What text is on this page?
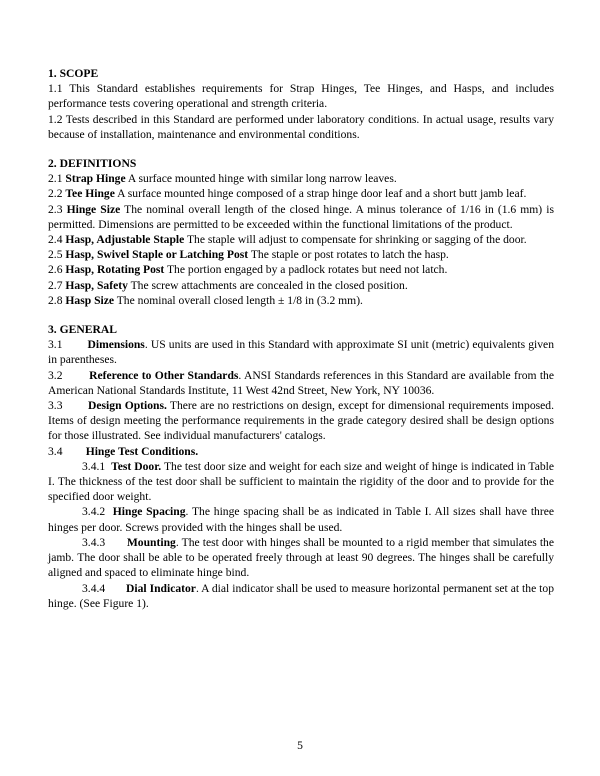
1. SCOPE

1.1 This Standard establishes requirements for Strap Hinges, Tee Hinges, and Hasps, and includes performance tests covering operational and strength criteria.

1.2 Tests described in this Standard are performed under laboratory conditions. In actual usage, results vary because of installation, maintenance and environmental conditions.

2. DEFINITIONS

2.1 Strap Hinge A surface mounted hinge with similar long narrow leaves.

2.2 Tee Hinge A surface mounted hinge composed of a strap hinge door leaf and a short butt jamb leaf.

2.3 Hinge Size The nominal overall length of the closed hinge. A minus tolerance of 1/16 in (1.6 mm) is permitted. Dimensions are permitted to be exceeded within the functional limitations of the product.

2.4 Hasp, Adjustable Staple The staple will adjust to compensate for shrinking or sagging of the door.

2.5 Hasp, Swivel Staple or Latching Post The staple or post rotates to latch the hasp.

2.6 Hasp, Rotating Post The portion engaged by a padlock rotates but need not latch.

2.7 Hasp, Safety The screw attachments are concealed in the closed position.

2.8 Hasp Size The nominal overall closed length ± 1/8 in (3.2 mm).

3. GENERAL

3.1        Dimensions. US units are used in this Standard with approximate SI unit (metric) equivalents given in parentheses.

3.2        Reference to Other Standards. ANSI Standards references in this Standard are available from the American National Standards Institute, 11 West 42nd Street, New York, NY 10036.

3.3        Design Options. There are no restrictions on design, except for dimensional requirements imposed. Items of design meeting the performance requirements in the grade category desired shall be design options for those illustrated. See individual manufacturers' catalogs.

3.4        Hinge Test Conditions.

3.4.1  Test Door. The test door size and weight for each size and weight of hinge is indicated in Table I. The thickness of the test door shall be sufficient to maintain the rigidity of the door and to provide for the specified door weight.

3.4.2  Hinge Spacing. The hinge spacing shall be as indicated in Table I. All sizes shall have three hinges per door. Screws provided with the hinges shall be used.

3.4.3       Mounting. The test door with hinges shall be mounted to a rigid member that simulates the jamb. The door shall be able to be operated freely through at least 90 degrees. The hinges shall be carefully aligned and spaced to eliminate hinge bind.

3.4.4       Dial Indicator. A dial indicator shall be used to measure horizontal permanent set at the top hinge. (See Figure 1).

5
